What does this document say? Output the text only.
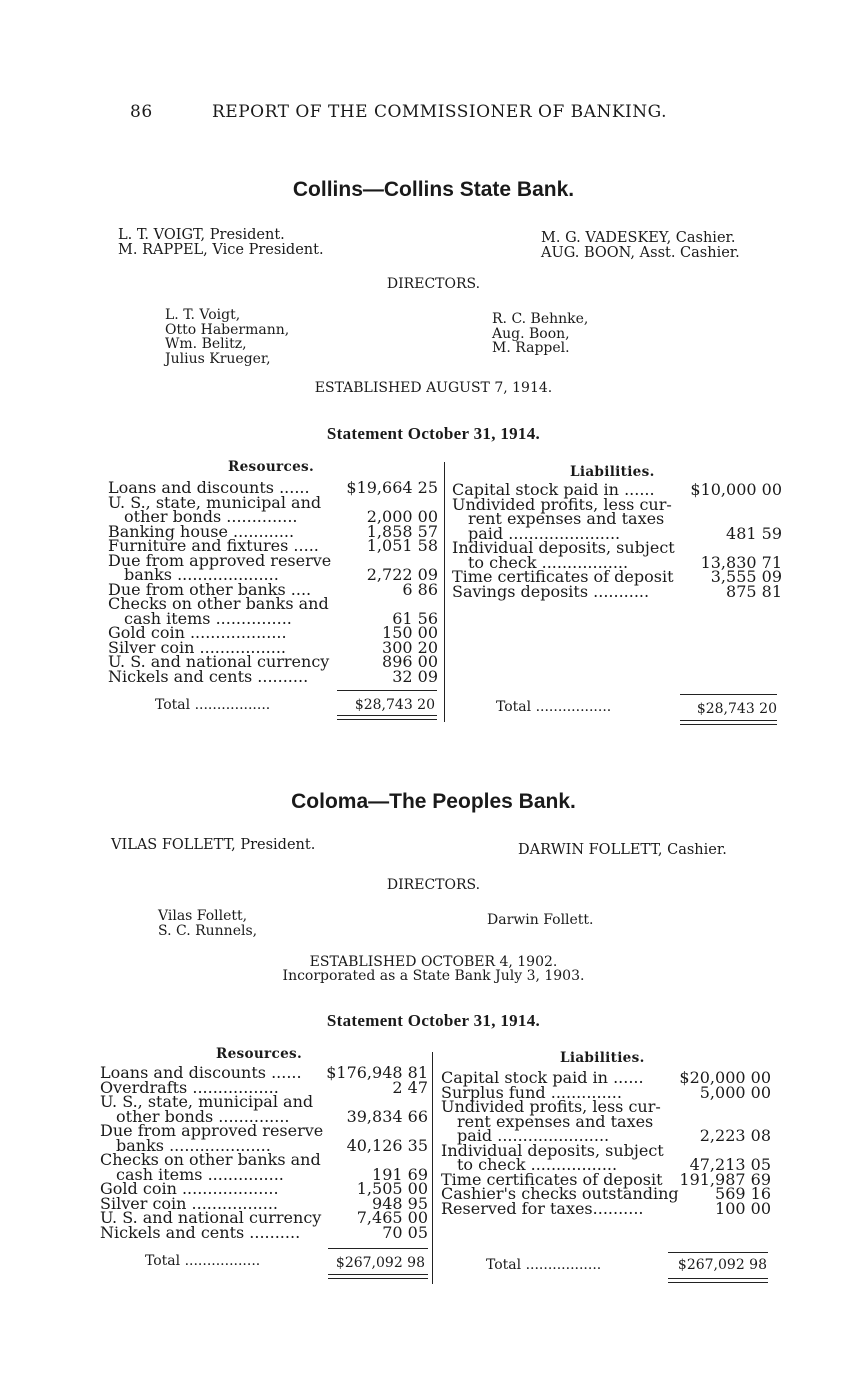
86	REPORT OF THE COMMISSIONER OF BANKING.
Collins—Collins State Bank.
L. T. VOIGT, President.
M. RAPPEL, Vice President.
M. G. VADESKEY, Cashier.
AUG. BOON, Asst. Cashier.
DIRECTORS.
L. T. Voigt,
Otto Habermann,
Wm. Belitz,
Julius Krueger,
R. C. Behnke,
Aug. Boon,
M. Rappel.
ESTABLISHED AUGUST 7, 1914.
Statement October 31, 1914.
Resources.	Liabilities.
Loans and discounts ...... $19,664 25
U. S., state, municipal and
other bonds ..............	2,000 00
Banking house ............	1,858 57
Furniture and fixtures .....	1,051 58
Due from approved reserve
banks ....................	2,722 09
Due from other banks ....	6 86
Checks on other banks and
cash items ...............	61 56
Gold coin ...................	150 00
Silver coin .................	300 20
U. S. and national currency	896 00
Nickels and cents ..........	32 09
Capital stock paid in ...... $10,000 00
Undivided profits, less cur-
rent expenses and taxes
paid ......................	481 59
Individual deposits, subject
to check .................	13,830 71
Time certificates of deposit 3,555 09
Savings deposits ...........	875 81
Total .................	$28,743 20	Total .................	$28,743 20
Coloma—The Peoples Bank.
VILAS FOLLETT, President.	DARWIN FOLLETT, Cashier.
DIRECTORS.
Vilas Follett,
S. C. Runnels,
Darwin Follett.
ESTABLISHED OCTOBER 4, 1902.
Incorporated as a State Bank July 3, 1903.
Statement October 31, 1914.
Resources.	Liabilities.
Loans and discounts ...... $176,948 81
Overdrafts .................	2 47
U. S., state, municipal and
other bonds ..............	39,834 66
Due from approved reserve
banks ....................	40,126 35
Checks on other banks and
cash items ...............	191 69
Gold coin ...................	1,505 00
Silver coin .................	948 95
U. S. and national currency 7,465 00
Nickels and cents ..........	70 05
Capital stock paid in ...... $20,000 00
Surplus fund ..............	5,000 00
Undivided profits, less cur-
rent expenses and taxes
paid ......................	2,223 08
Individual deposits, subject
to check .................	47,213 05
Time certificates of deposit 191,987 69
Cashier's checks outstanding 569 16
Reserved for taxes..........	100 00
Total .................	$267,092 98	Total .................	$267,092 98
